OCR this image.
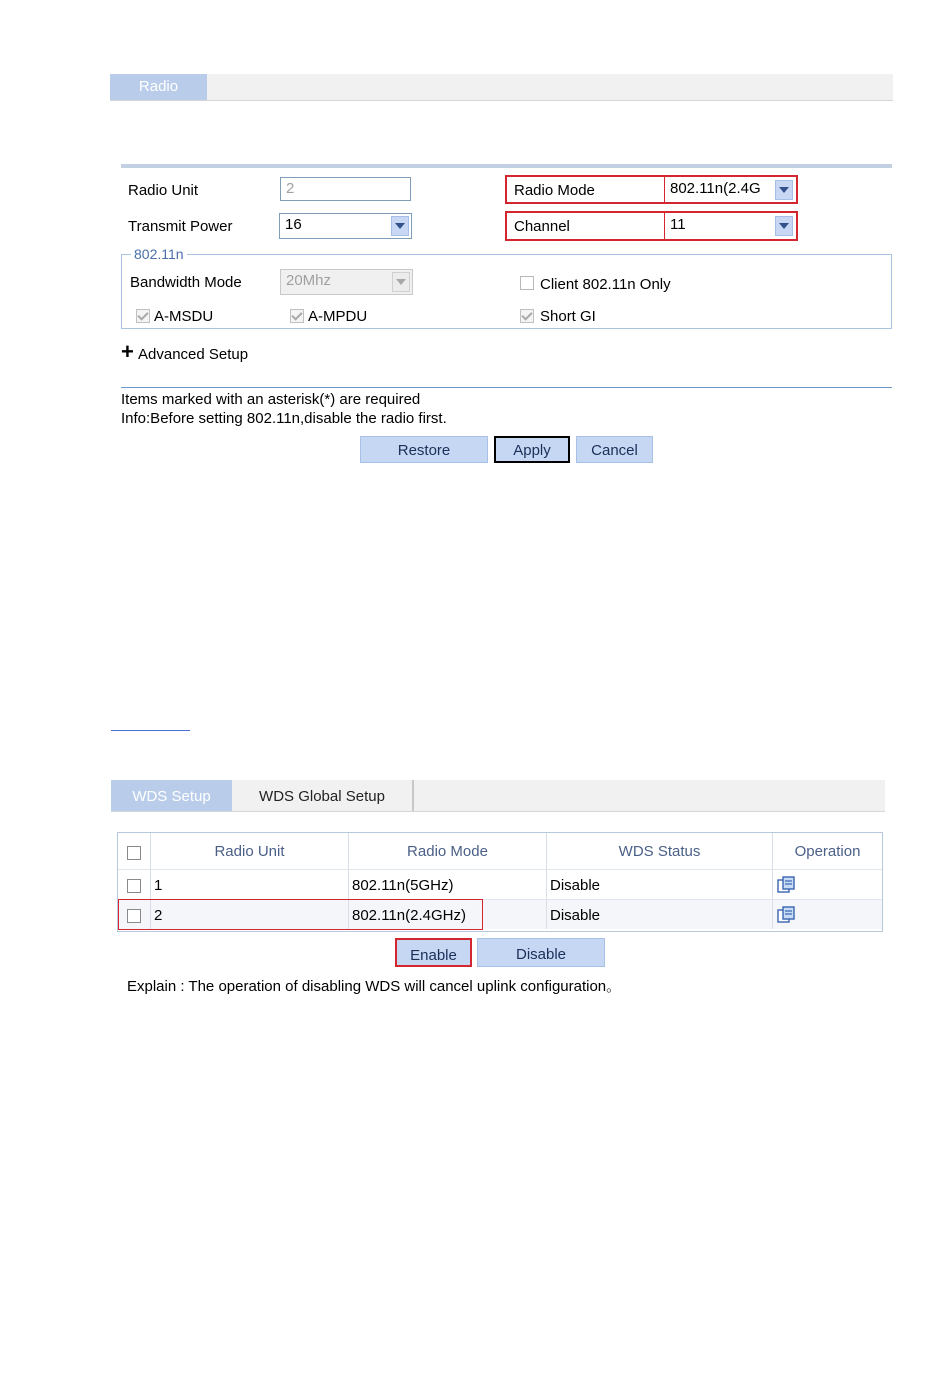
Radio
Radio Unit	2	Radio Mode	802.11n(2.4G
Transmit Power	16	Channel	11
802.11n
Bandwidth Mode	20Mhz	Client 802.11n Only
A-MSDU	A-MPDU	Short GI
+ Advanced Setup
Items marked with an asterisk(*) are required
Info:Before setting 802.11n,disable the radio first.
Restore	Apply	Cancel
WDS Setup	WDS Global Setup
Radio Unit	Radio Mode	WDS Status	Operation
1	802.11n(5GHz)	Disable
2	802.11n(2.4GHz)	Disable
Enable	Disable
Explain : The operation of disabling WDS will cancel uplink configuration。
